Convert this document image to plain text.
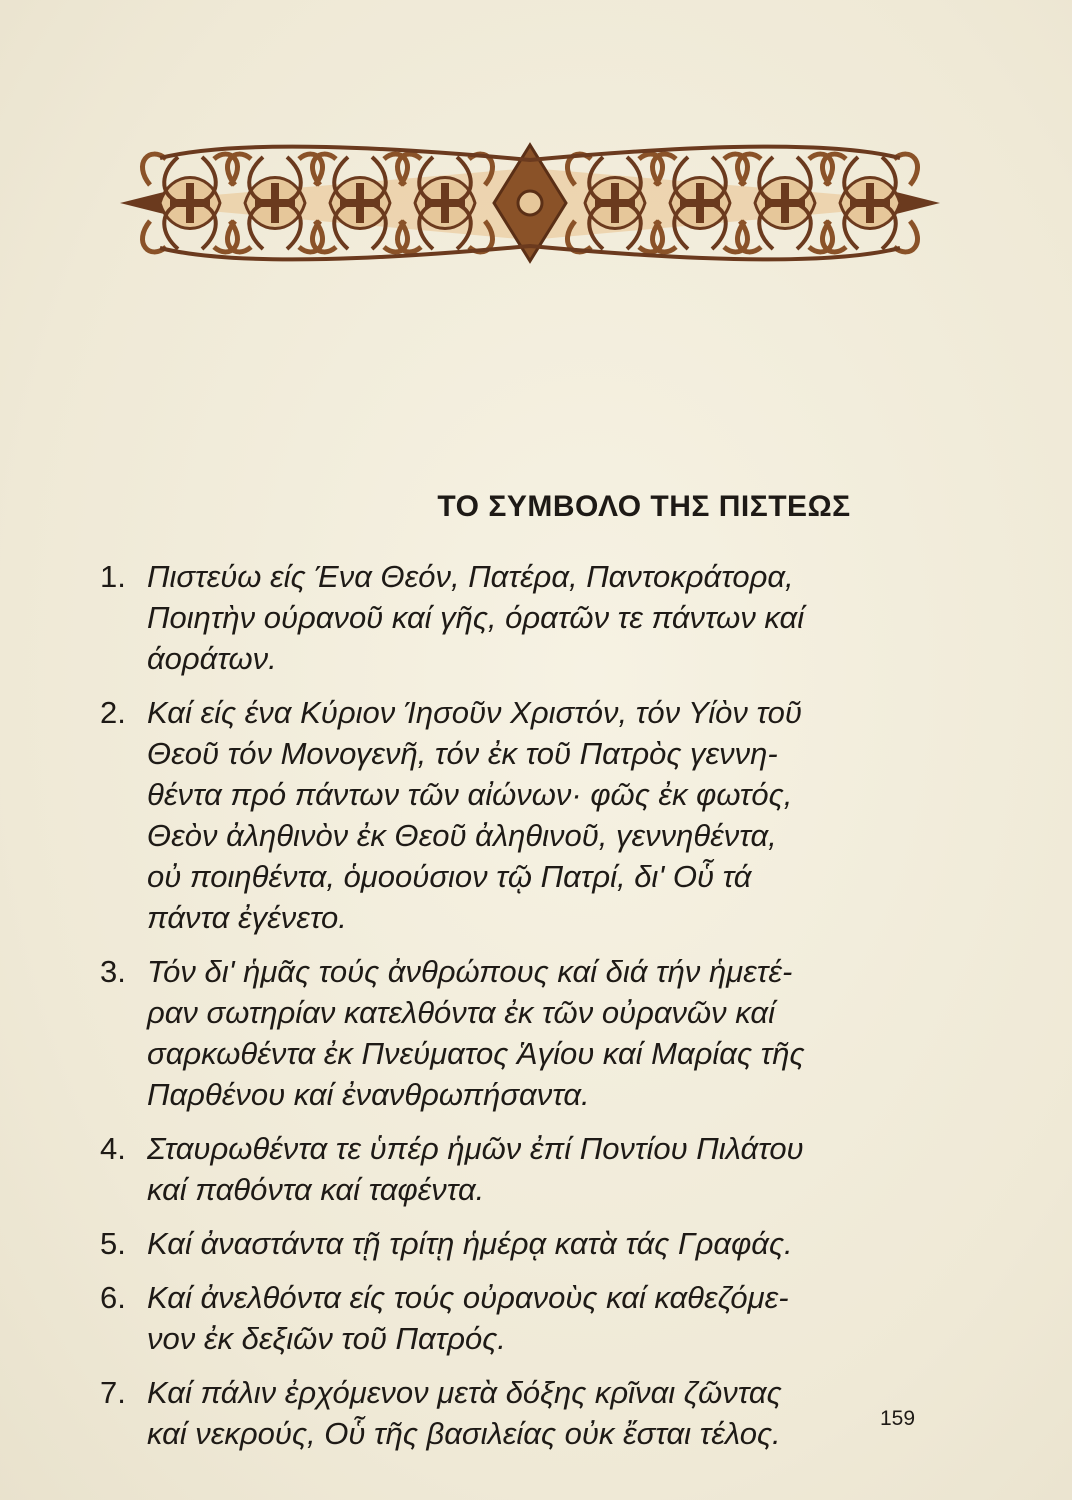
ΤΟ ΣΥΜΒΟΛΟ ΤΗΣ ΠΙΣΤΕΩΣ
1. Πιστεύω είς Ένα Θεόν, Πατέρα, Παντοκράτορα,
Ποιητὴν ούρανοῦ καί γῆς, όρατῶν τε πάντων καί
άοράτων.
2. Καί είς ένα Κύριον Ίησοῦν Χριστόν, τόν Υίὸν τοῦ
Θεοῦ τόν Μονογενῆ, τόν ἐκ τοῦ Πατρὸς γεννη-
θέντα πρό πάντων τῶν αἰώνων· φῶς ἐκ φωτός,
Θεὸν ἀληθινὸν ἐκ Θεοῦ ἀληθινοῦ, γεννηθέντα,
οὐ ποιηθέντα, ὁμοούσιον τῷ Πατρί, δι' Οὗ τά
πάντα ἐγένετο.
3. Τόν δι' ἡμᾶς τούς ἀνθρώπους καί διά τήν ἡμετέ-
ραν σωτηρίαν κατελθόντα ἐκ τῶν οὐρανῶν καί
σαρκωθέντα ἐκ Πνεύματος Ἁγίου καί Μαρίας τῆς
Παρθένου καί ἐνανθρωπήσαντα.
4. Σταυρωθέντα τε ὑπέρ ἡμῶν ἐπί Ποντίου Πιλάτου
καί παθόντα καί ταφέντα.
5. Καί ἀναστάντα τῇ τρίτῃ ἡμέρᾳ κατὰ τάς Γραφάς.
6. Καί ἀνελθόντα είς τούς οὐρανοὺς καί καθεζόμε-
νον ἐκ δεξιῶν τοῦ Πατρός.
7. Καί πάλιν ἐρχόμενον μετὰ δόξης κρῖναι ζῶντας
καί νεκρούς, Οὗ τῆς βασιλείας οὐκ ἔσται τέλος.	159
